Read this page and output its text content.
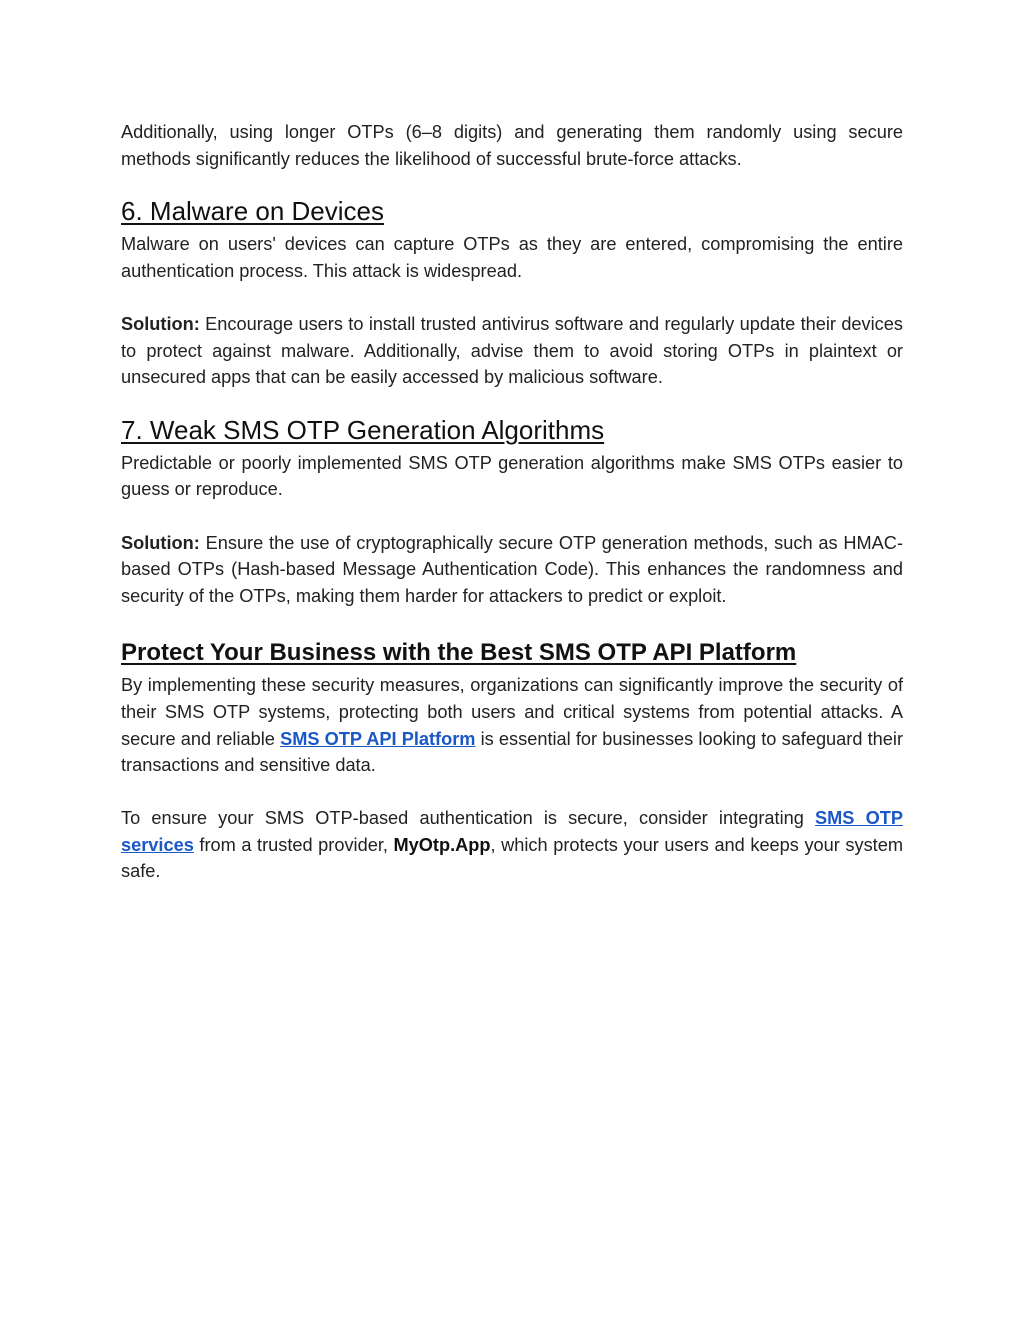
Additionally, using longer OTPs (6–8 digits) and generating them randomly using secure methods significantly reduces the likelihood of successful brute-force attacks.

6. Malware on Devices

Malware on users' devices can capture OTPs as they are entered, compromising the entire authentication process. This attack is widespread.

Solution: Encourage users to install trusted antivirus software and regularly update their devices to protect against malware. Additionally, advise them to avoid storing OTPs in plaintext or unsecured apps that can be easily accessed by malicious software.

7. Weak SMS OTP Generation Algorithms

Predictable or poorly implemented SMS OTP generation algorithms make SMS OTPs easier to guess or reproduce.

Solution: Ensure the use of cryptographically secure OTP generation methods, such as HMAC-based OTPs (Hash-based Message Authentication Code). This enhances the randomness and security of the OTPs, making them harder for attackers to predict or exploit.

Protect Your Business with the Best SMS OTP API Platform

By implementing these security measures, organizations can significantly improve the security of their SMS OTP systems, protecting both users and critical systems from potential attacks. A secure and reliable SMS OTP API Platform is essential for businesses looking to safeguard their transactions and sensitive data.

To ensure your SMS OTP-based authentication is secure, consider integrating SMS OTP services from a trusted provider, MyOtp.App, which protects your users and keeps your system safe.
